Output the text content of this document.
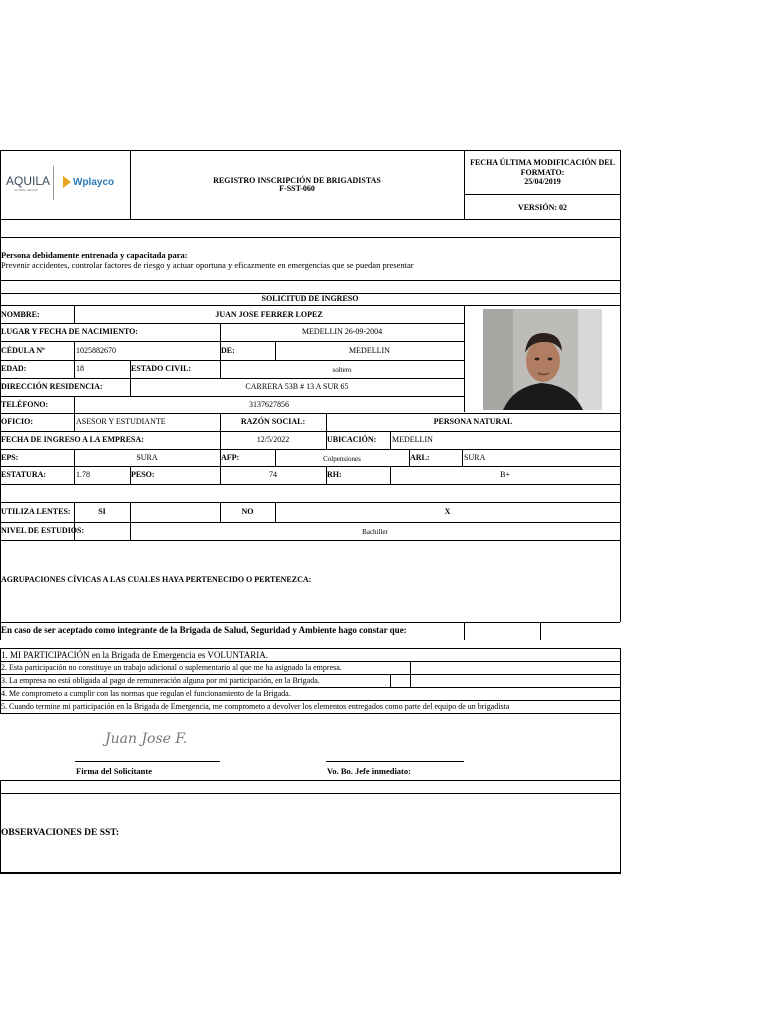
AQUILA
GLOBAL GROUP
Wplayco	REGISTRO INSCRIPCIÓN DE BRIGADISTAS
F-SST-060
FECHA ÚLTIMA MODIFICACIÓN DEL FORMATO:
25/04/2019
VERSIÓN: 02
Persona debidamente entrenada y capacitada para:
Prevenir accidentes, controlar factores de riesgo y actuar oportuna y eficazmente en emergencias que se puedan presentar
SOLICITUD DE INGRESO
NOMBRE:	JUAN JOSE FERRER LOPEZ
LUGAR Y FECHA DE NACIMIENTO:	MEDELLIN 26-09-2004
CÉDULA Nº	1025882670	DE:	MEDELLIN
EDAD:	18	ESTADO CIVIL:	soltero
DIRECCIÓN RESIDENCIA:	CARRERA 53B # 13 A SUR 65
TELÉFONO:	3137627856
OFICIO:	ASESOR Y ESTUDIANTE	RAZÓN SOCIAL:	PERSONA NATURAL
FECHA DE INGRESO A LA EMPRESA:	12/5/2022	UBICACIÓN: MEDELLIN
EPS:	SURA	AFP:	Colpensiones	ARL:	SURA
ESTATURA:	1.78	PESO:	74	RH:	B+
UTILIZA LENTES:	SI	NO	X
NIVEL DE ESTUDIOS:	Bachiller
AGRUPACIONES CÍVICAS A LAS CUALES HAYA PERTENECIDO O PERTENEZCA:
En caso de ser aceptado como integrante de la Brigada de Salud, Seguridad y Ambiente hago constar que:
1. MI PARTICIPACIÓN en la Brigada de Emergencia es VOLUNTARIA.
2. Esta participación no constituye un trabajo adicional o suplementario al que me ha asignado la empresa.
3. La empresa no está obligada al pago de remuneración alguna por mi participación, en la Brigada.
4. Me comprometo a cumplir con las normas que regulan el funcionamiento de la Brigada.
5. Cuando termine mi participación en la Brigada de Emergencia, me comprometo a devolver los elementos entregados como parte del equipo de un brigadista
Juan Jose F.
Firma del Solicitante	Vo. Bo. Jefe inmediato:
OBSERVACIONES DE SST:
